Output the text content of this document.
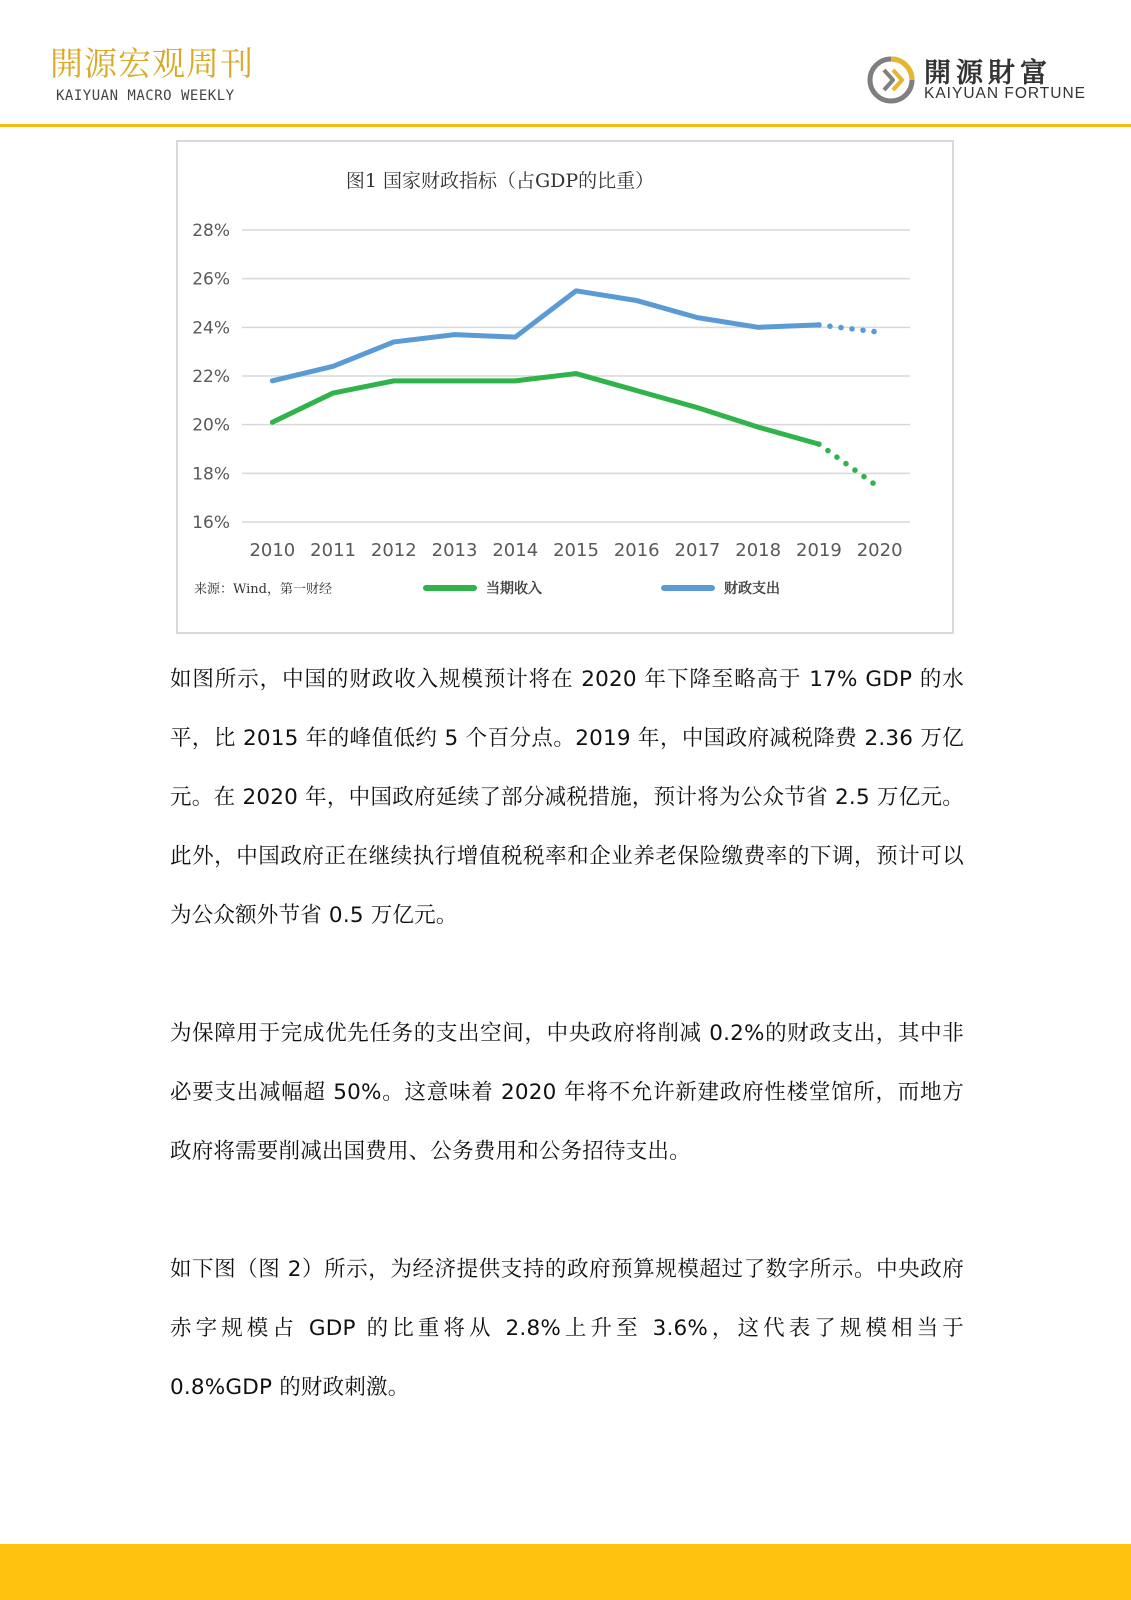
開源宏观周刊
KAIYUAN MACRO WEEKLY
開源財富
KAIYUAN FORTUNE
图1 国家财政指标（占GDP的比重）
28%
26%
24%
22%
20%
18%
16%
2010 2011 2012 2013 2014 2015 2016 2017 2018 2019 2020
当期收入	财政支出
来源：Wind，第一财经

如图所示，中国的财政收入规模预计将在 2020 年下降至略高于 17% GDP 的水平，比 2015 年的峰值低约 5 个百分点。2019 年，中国政府减税降费 2.36 万亿元。在 2020 年，中国政府延续了部分减税措施，预计将为公众节省 2.5 万亿元。此外，中国政府正在继续执行增值税税率和企业养老保险缴费率的下调，预计可以为公众额外节省 0.5 万亿元。

为保障用于完成优先任务的支出空间，中央政府将削减 0.2%的财政支出，其中非必要支出减幅超 50%。这意味着 2020 年将不允许新建政府性楼堂馆所，而地方政府将需要削减出国费用、公务费用和公务招待支出。

如下图（图 2）所示，为经济提供支持的政府预算规模超过了数字所示。中央政府赤字规模占 GDP 的比重将从 2.8%上升至 3.6%，这代表了规模相当于 0.8%GDP 的财政刺激。
